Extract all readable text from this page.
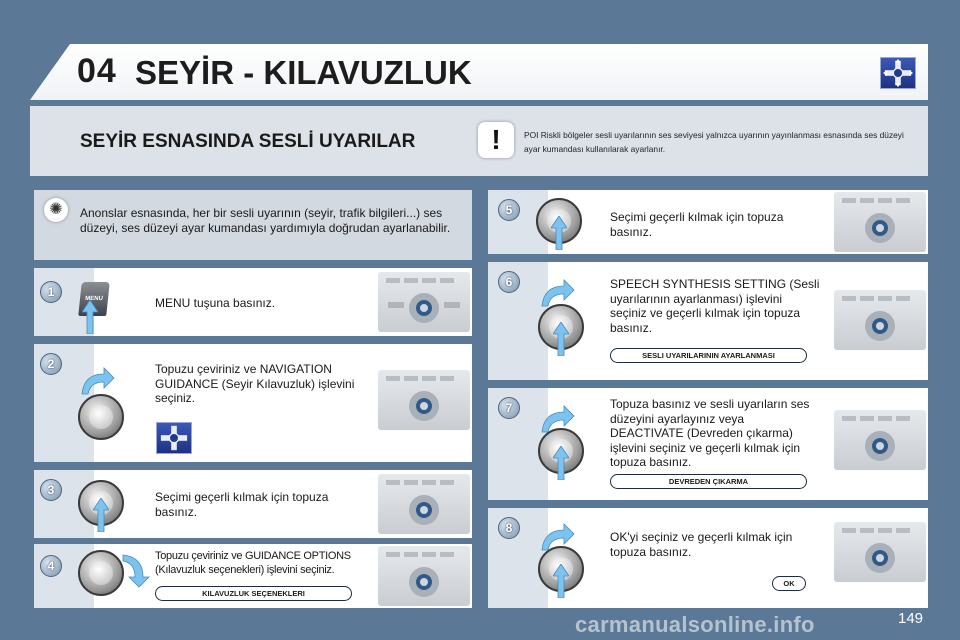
04 SEYİR - KILAVUZLUK
SEYİR ESNASINDA SESLİ UYARILAR	!	POI Riskli bölgeler sesli uyarılarının ses seviyesi yalnızca uyarının yayınlanması esnasında ses düzeyi ayar kumandası kullanılarak ayarlanır.
✺	Anonslar esnasında, her bir sesli uyarının (seyir, trafik bilgileri...) ses düzeyi, ses düzeyi ayar kumandası yardımıyla doğrudan ayarlanabilir.
1	MENU	MENU tuşuna basınız.
2	Topuzu çeviriniz ve NAVIGATION GUIDANCE (Seyir Kılavuzluk) işlevini seçiniz.
3	Seçimi geçerli kılmak için topuza basınız.
4
Topuzu çeviriniz ve GUIDANCE OPTIONS (Kılavuzluk seçenekleri) işlevini seçiniz.
KILAVUZLUK SEÇENEKLERI
5	Seçimi geçerli kılmak için topuza basınız.
6	SPEECH SYNTHESIS SETTING (Sesli uyarılarının ayarlanması) işlevini seçiniz ve geçerli kılmak için topuza basınız.
SESLI UYARILARININ AYARLANMASI
7	Topuza basınız ve sesli uyarıların ses düzeyini ayarlayınız veya DEACTIVATE (Devreden çıkarma) işlevini seçiniz ve geçerli kılmak için topuza basınız.
DEVREDEN ÇIKARMA
8
OK'yi seçiniz ve geçerli kılmak için topuza basınız.
OK
carmanualsonline.info	149
